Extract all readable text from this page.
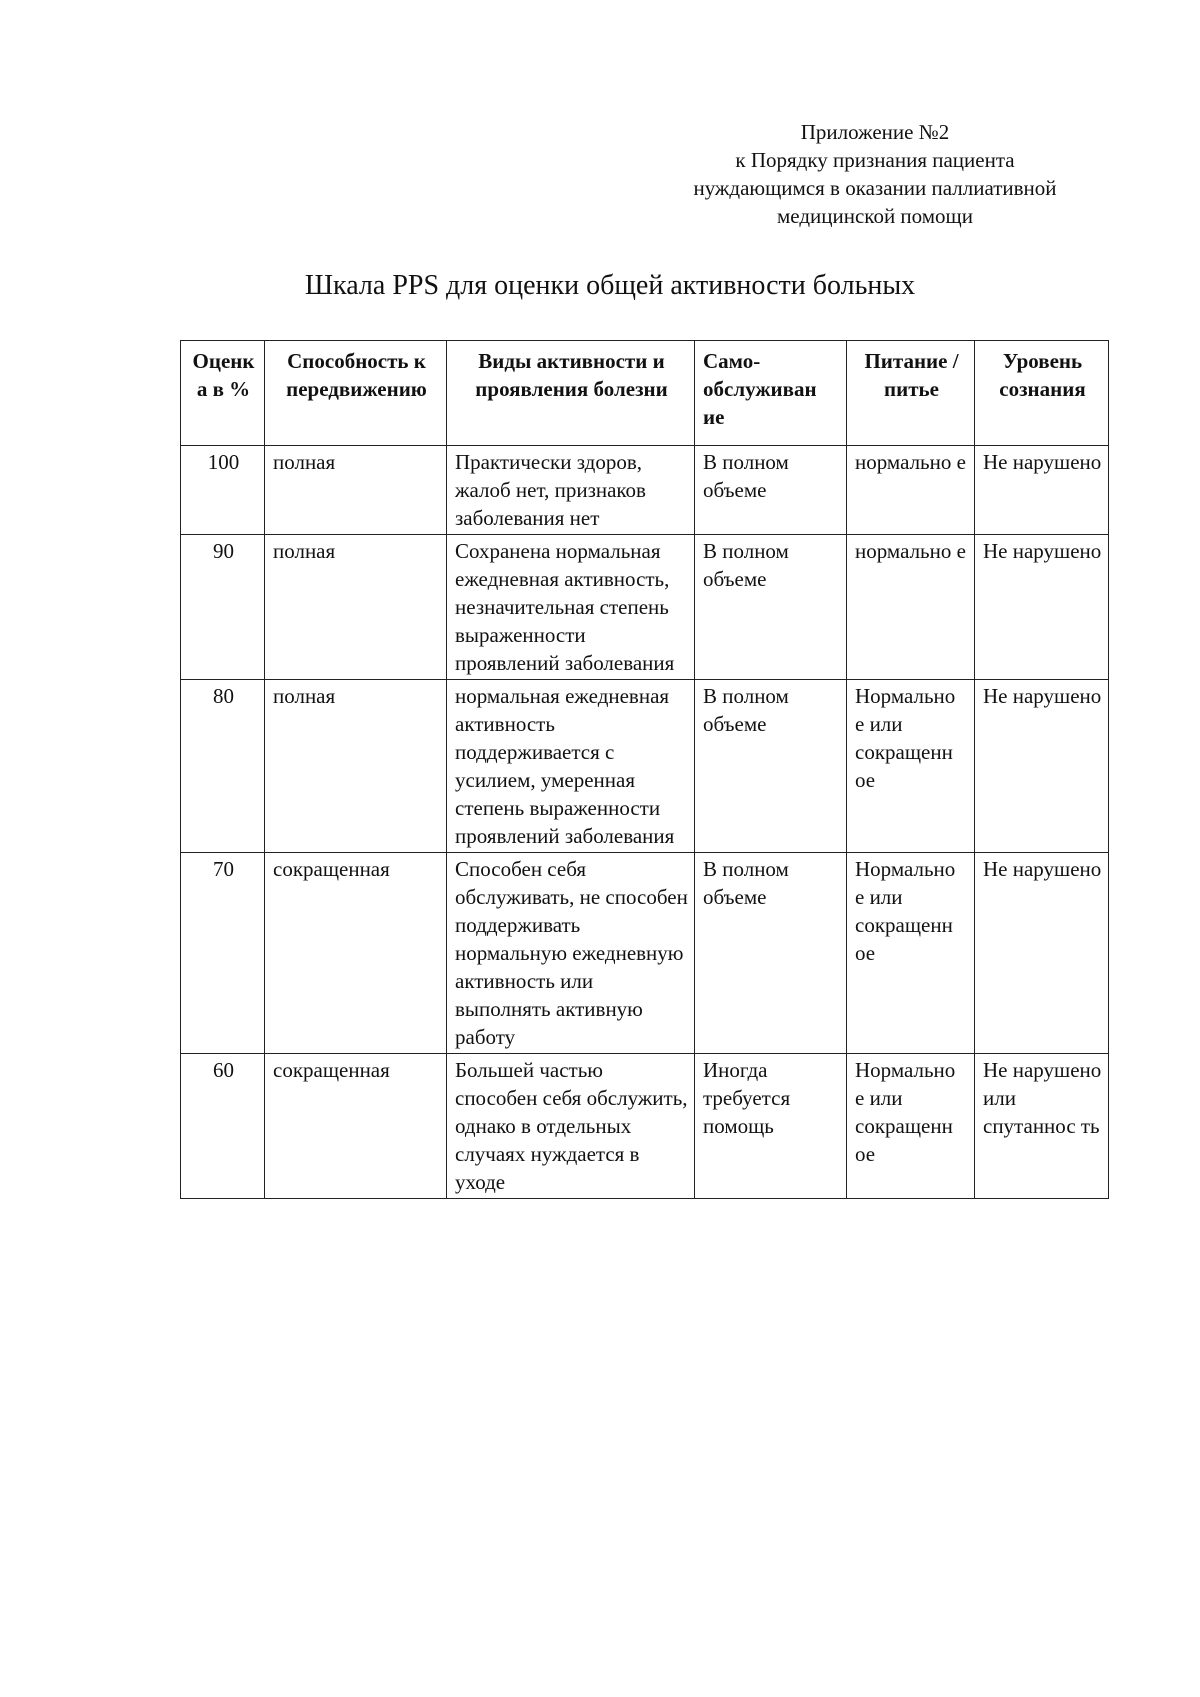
Приложение №2
к Порядку признания пациента
нуждающимся в оказании паллиативной
медицинской помощи
Шкала PPS для оценки общей активности больных
Оценк а в %	Способность к передвижению	Виды активности и проявления болезни	Само-обслуживан ие	Питание /питье	Уровень сознания
100	полная	Практически здоров, жалоб нет, признаков заболевания нет	В полном объеме	нормально е	Не нарушено
90	полная	Сохранена нормальная ежедневная активность, незначительная степень выраженности проявлений заболевания	В полном объеме	нормально е	Не нарушено
80	полная	нормальная ежедневная активность поддерживается с усилием, умеренная степень выраженности проявлений заболевания	В полном объеме	Нормально е или сокращенн ое	Не нарушено
70	сокращенная	Способен себя обслуживать, не способен поддерживать нормальную ежедневную активность или выполнять активную работу	В полном объеме	Нормально е или сокращенн ое	Не нарушено
60	сокращенная	Большей частью способен себя обслужить, однако в отдельных случаях нуждается в уходе	Иногда требуется помощь	Нормально е или сокращенн ое	Не нарушено или спутаннос ть
